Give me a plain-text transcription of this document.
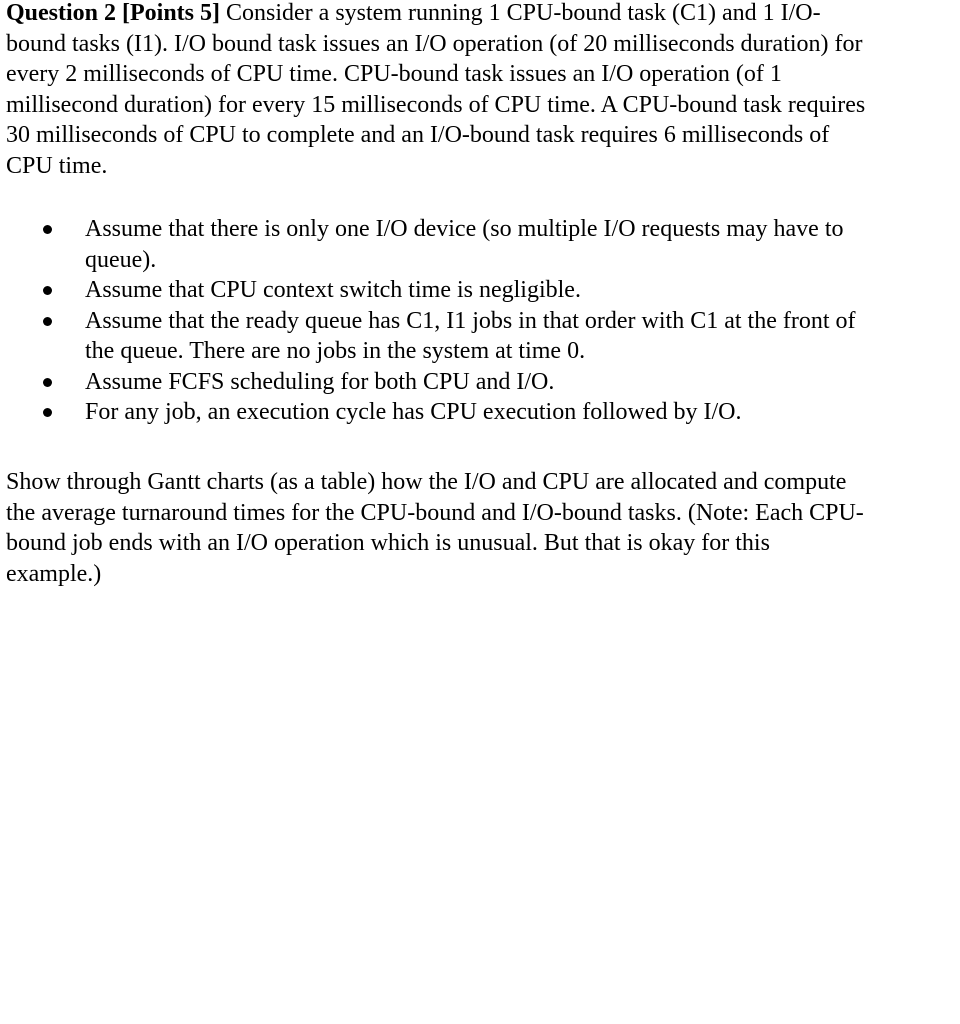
Question 2 [Points 5] Consider a system running 1 CPU-bound task (C1) and 1 I/O-
bound tasks (I1). I/O bound task issues an I/O operation (of 20 milliseconds duration) for
every 2 milliseconds of CPU time. CPU-bound task issues an I/O operation (of 1
millisecond duration) for every 15 milliseconds of CPU time. A CPU-bound task requires
30 milliseconds of CPU to complete and an I/O-bound task requires 6 milliseconds of
CPU time.
Assume that there is only one I/O device (so multiple I/O requests may have to
queue).
Assume that CPU context switch time is negligible.
Assume that the ready queue has C1, I1 jobs in that order with C1 at the front of
the queue. There are no jobs in the system at time 0.
Assume FCFS scheduling for both CPU and I/O.
For any job, an execution cycle has CPU execution followed by I/O.
Show through Gantt charts (as a table) how the I/O and CPU are allocated and compute
the average turnaround times for the CPU-bound and I/O-bound tasks. (Note: Each CPU-
bound job ends with an I/O operation which is unusual. But that is okay for this
example.)
